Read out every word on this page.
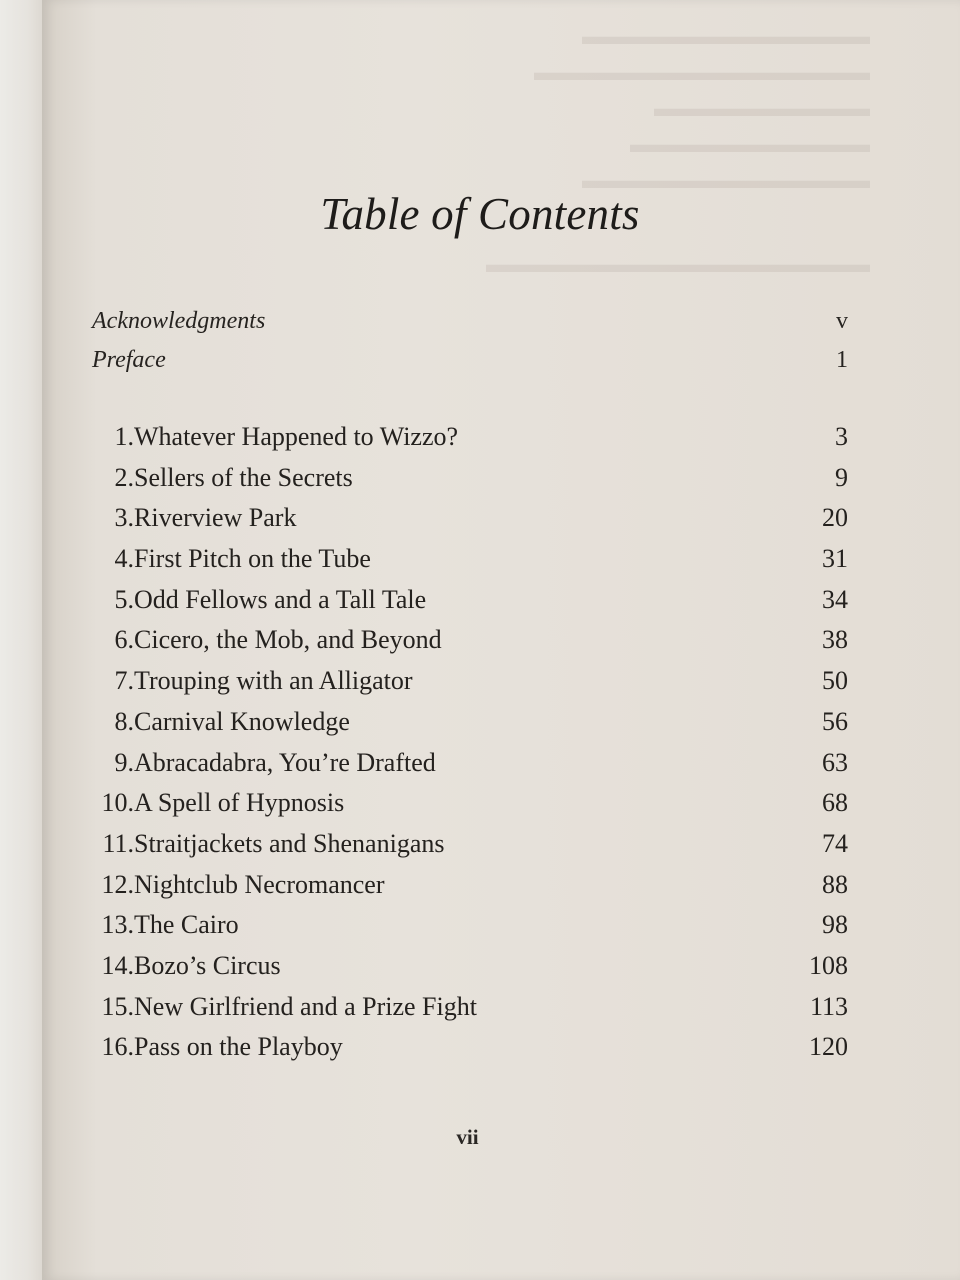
▬▬▬▬▬▬▬▬▬▬▬▬
▬▬▬▬▬▬▬▬▬▬▬▬▬▬
▬▬▬▬▬▬▬▬▬
▬▬▬▬▬▬▬▬▬▬
▬▬▬▬▬▬▬▬▬▬▬▬
▬▬▬▬▬▬▬▬▬▬▬▬▬▬▬▬
Table of Contents
Acknowledgments	v
Preface	1
1. Whatever Happened to Wizzo?	3
2. Sellers of the Secrets	9
3. Riverview Park	20
4. First Pitch on the Tube	31
5. Odd Fellows and a Tall Tale	34
6. Cicero, the Mob, and Beyond	38
7. Trouping with an Alligator	50
8. Carnival Knowledge	56
9. Abracadabra, You’re Drafted	63
10. A Spell of Hypnosis	68
11. Straitjackets and Shenanigans	74
12. Nightclub Necromancer	88
13. The Cairo	98
14. Bozo’s Circus	108
15. New Girlfriend and a Prize Fight	113
16. Pass on the Playboy	120
vii
